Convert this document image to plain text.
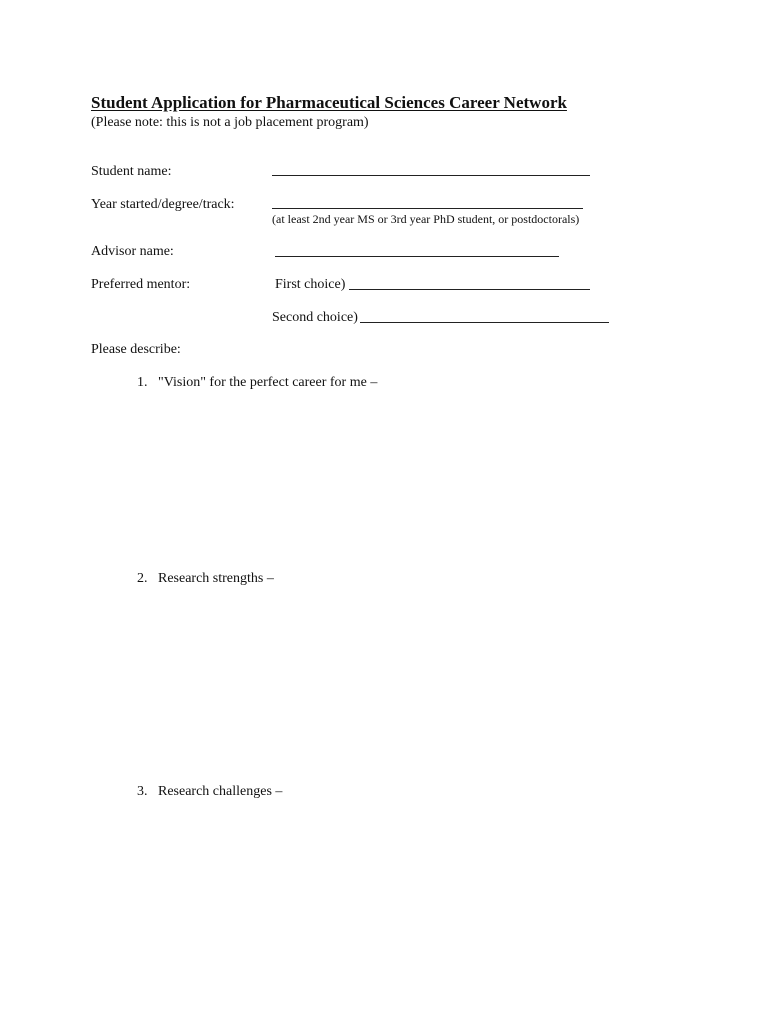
Student Application for Pharmaceutical Sciences Career Network
(Please note: this is not a job placement program)
Student name:
Year started/degree/track:
(at least 2nd year MS or 3rd year PhD student, or postdoctorals)
Advisor name:
Preferred mentor:	First choice)
Second choice)
Please describe:
1. "Vision" for the perfect career for me –
2. Research strengths –
3. Research challenges –
